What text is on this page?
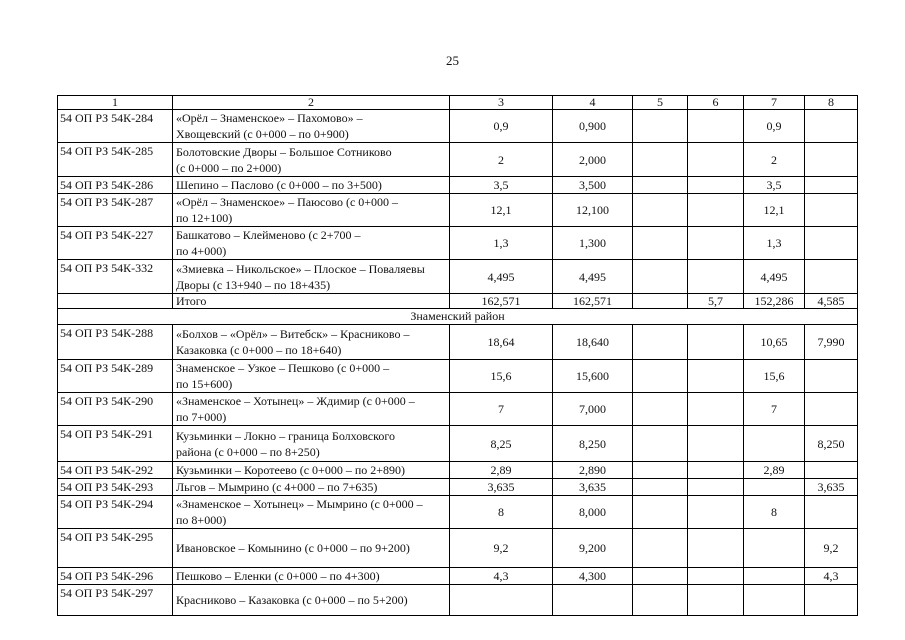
25
1	2	3	4	5	6	7	8
54 ОП РЗ 54К-284	«Орёл – Знаменское» – Пахомово» –
Хвощевский (с 0+000 – по 0+900)	0,9	0,900			0,9	
54 ОП РЗ 54К-285	Болотовские Дворы – Большое Сотниково
(с 0+000 – по 2+000)	2	2,000			2	
54 ОП РЗ 54К-286	Шепино – Паслово (с 0+000 – по 3+500)	3,5	3,500			3,5	
54 ОП РЗ 54К-287	«Орёл – Знаменское» – Паюсово (с 0+000 –
по 12+100)	12,1	12,100			12,1	
54 ОП РЗ 54К-227	Башкатово – Клейменово (с 2+700 –
по 4+000)	1,3	1,300			1,3	
54 ОП РЗ 54К-332	«Змиевка – Никольское» – Плоское – Поваляевы
Дворы (с 13+940 – по 18+435)	4,495	4,495			4,495	
	Итого	162,571	162,571		5,7	152,286	4,585
Знаменский район							
54 ОП РЗ 54К-288	«Болхов – «Орёл» – Витебск» – Красниково –
Казаковка (с 0+000 – по 18+640)	18,64	18,640			10,65	7,990
54 ОП РЗ 54К-289	Знаменское – Узкое – Пешково (с 0+000 –
по 15+600)	15,6	15,600			15,6	
54 ОП РЗ 54К-290	«Знаменское – Хотынец» – Ждимир (с 0+000 –
по 7+000)	7	7,000			7	
54 ОП РЗ 54К-291	Кузьминки – Локно – граница Болховского
района (с 0+000 – по 8+250)	8,25	8,250				8,250
54 ОП РЗ 54К-292	Кузьминки – Коротеево (с 0+000 – по 2+890)	2,89	2,890			2,89	
54 ОП РЗ 54К-293	Льгов – Мымрино (с 4+000 – по 7+635)	3,635	3,635				3,635
54 ОП РЗ 54К-294	«Знаменское – Хотынец» – Мымрино (с 0+000 –
по 8+000)	8	8,000			8	
54 ОП РЗ 54К-295	Ивановское – Комынино (с 0+000 – по 9+200)	9,2	9,200				9,2
54 ОП РЗ 54К-296	Пешково – Еленки (с 0+000 – по 4+300)	4,3	4,300				4,3
54 ОП РЗ 54К-297	Красниково – Казаковка (с 0+000 – по 5+200)						
